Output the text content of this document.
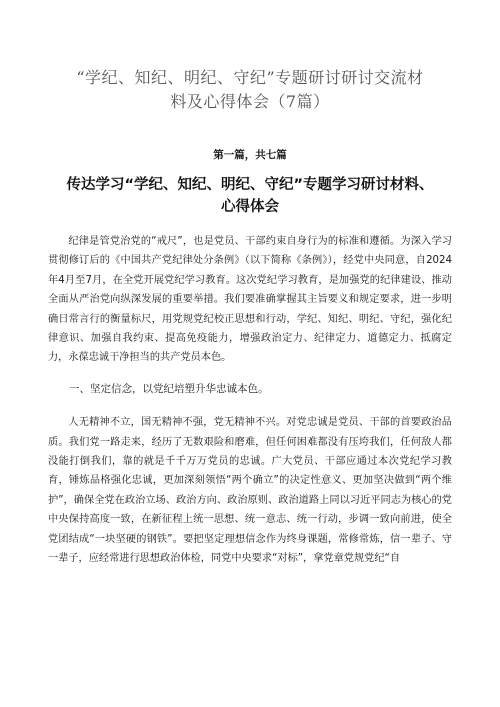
“学纪、知纪、明纪、守纪”专题研讨研讨交流材
料及心得体会（7篇）

第一篇，共七篇

传达学习“学纪、知纪、明纪、守纪”专题学习研讨材料、
心得体会

纪律是管党治党的“戒尺”，也是党员、干部约束自身行为的标准和遵循。为深入学习贯彻修订后的《中国共产党纪律处分条例》（以下简称《条例》），经党中央同意，自2024年4月至7月，在全党开展党纪学习教育。这次党纪学习教育，是加强党的纪律建设、推动全面从严治党向纵深发展的重要举措。我们要准确掌握其主旨要义和规定要求，进一步明确日常言行的衡量标尺，用党规党纪校正思想和行动，学纪、知纪、明纪、守纪，强化纪律意识、加强自我约束、提高免疫能力，增强政治定力、纪律定力、道德定力、抵腐定力，永葆忠诚干净担当的共产党员本色。

一、坚定信念，以党纪培塑升华忠诚本色。

人无精神不立，国无精神不强，党无精神不兴。对党忠诚是党员、干部的首要政治品质。我们党一路走来，经历了无数艰险和磨难，但任何困难都没有压垮我们，任何敌人都没能打倒我们，靠的就是千千万万党员的忠诚。广大党员、干部应通过本次党纪学习教育，锤炼品格强化忠诚，更加深刻领悟“两个确立”的决定性意义、更加坚决做到“两个维护”，确保全党在政治立场、政治方向、政治原则、政治道路上同以习近平同志为核心的党中央保持高度一致，在新征程上统一思想、统一意志、统一行动，步调一致向前进，使全党团结成“一块坚硬的钢铁”。要把坚定理想信念作为终身课题，常修常炼，信一辈子、守一辈子，应经常进行思想政治体检，同党中央要求“对标”，拿党章党规党纪“自
